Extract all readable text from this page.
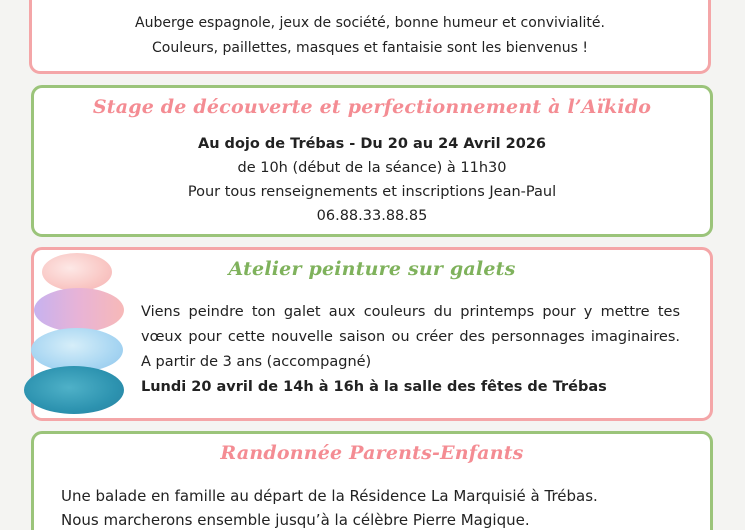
Auberge espagnole, jeux de société, bonne humeur et convivialité.
Couleurs, paillettes, masques et fantaisie sont les bienvenus !
Stage de découverte et perfectionnement à l’Aïkido
Au dojo de Trébas - Du 20 au 24 Avril 2026
de 10h (début de la séance) à 11h30
Pour tous renseignements et inscriptions Jean-Paul
06.88.33.88.85
Atelier peinture sur galets
Viens peindre ton galet aux couleurs du printemps pour y mettre tes vœux pour cette nouvelle saison ou créer des personnages imaginaires. A partir de 3 ans (accompagné)
Lundi 20 avril de 14h à 16h à la salle des fêtes de Trébas
Randonnée Parents-Enfants
Une balade en famille au départ de la Résidence La Marquisié à Trébas.
Nous marcherons ensemble jusqu’à la célèbre Pierre Magique.
